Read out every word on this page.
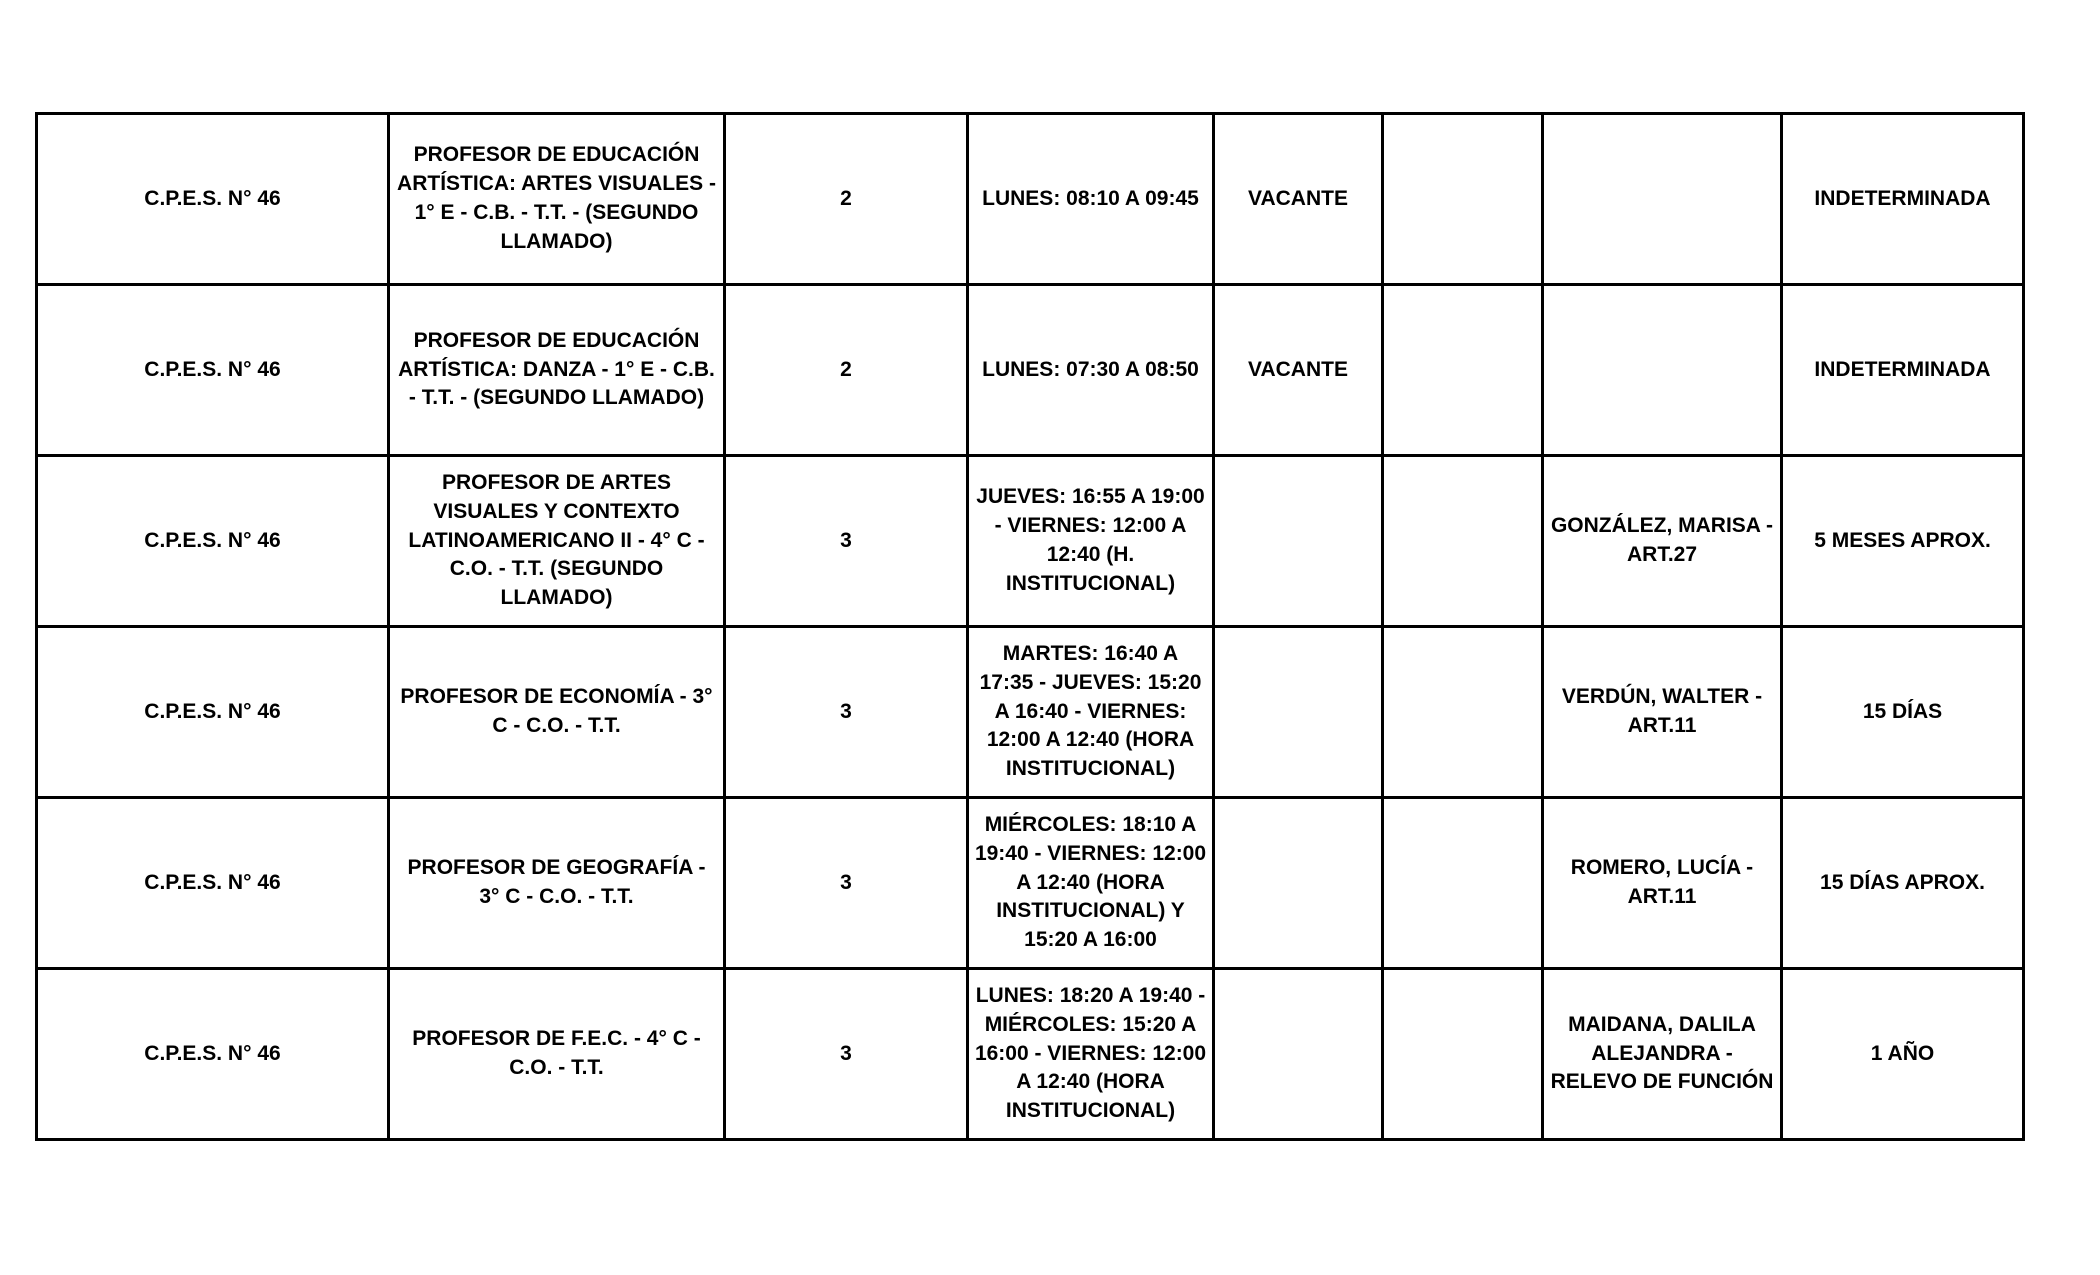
C.P.E.S. N° 46	PROFESOR DE EDUCACIÓN ARTÍSTICA: ARTES VISUALES - 1° E - C.B. - T.T. - (SEGUNDO LLAMADO)	2	LUNES: 08:10 A 09:45	VACANTE			INDETERMINADA
C.P.E.S. N° 46	PROFESOR DE EDUCACIÓN ARTÍSTICA: DANZA - 1° E - C.B. - T.T. - (SEGUNDO LLAMADO)	2	LUNES: 07:30 A 08:50	VACANTE			INDETERMINADA
C.P.E.S. N° 46	PROFESOR DE ARTES VISUALES Y CONTEXTO LATINOAMERICANO II - 4° C - C.O. - T.T. (SEGUNDO LLAMADO)	3	JUEVES: 16:55 A 19:00 - VIERNES: 12:00 A 12:40 (H. INSTITUCIONAL)			GONZÁLEZ, MARISA - ART.27	5 MESES APROX.
C.P.E.S. N° 46	PROFESOR DE ECONOMÍA - 3° C - C.O. - T.T.	3	MARTES: 16:40 A 17:35 - JUEVES: 15:20 A 16:40 - VIERNES: 12:00 A 12:40 (HORA INSTITUCIONAL)			VERDÚN, WALTER - ART.11	15 DÍAS
C.P.E.S. N° 46	PROFESOR DE GEOGRAFÍA - 3° C - C.O. - T.T.	3	MIÉRCOLES: 18:10 A 19:40 - VIERNES: 12:00 A 12:40 (HORA INSTITUCIONAL) Y 15:20 A 16:00			ROMERO, LUCÍA - ART.11	15 DÍAS APROX.
C.P.E.S. N° 46	PROFESOR DE F.E.C. - 4° C - C.O. - T.T.	3	LUNES: 18:20 A 19:40 - MIÉRCOLES: 15:20 A 16:00 - VIERNES: 12:00 A 12:40 (HORA INSTITUCIONAL)			MAIDANA, DALILA ALEJANDRA - RELEVO DE FUNCIÓN	1 AÑO
